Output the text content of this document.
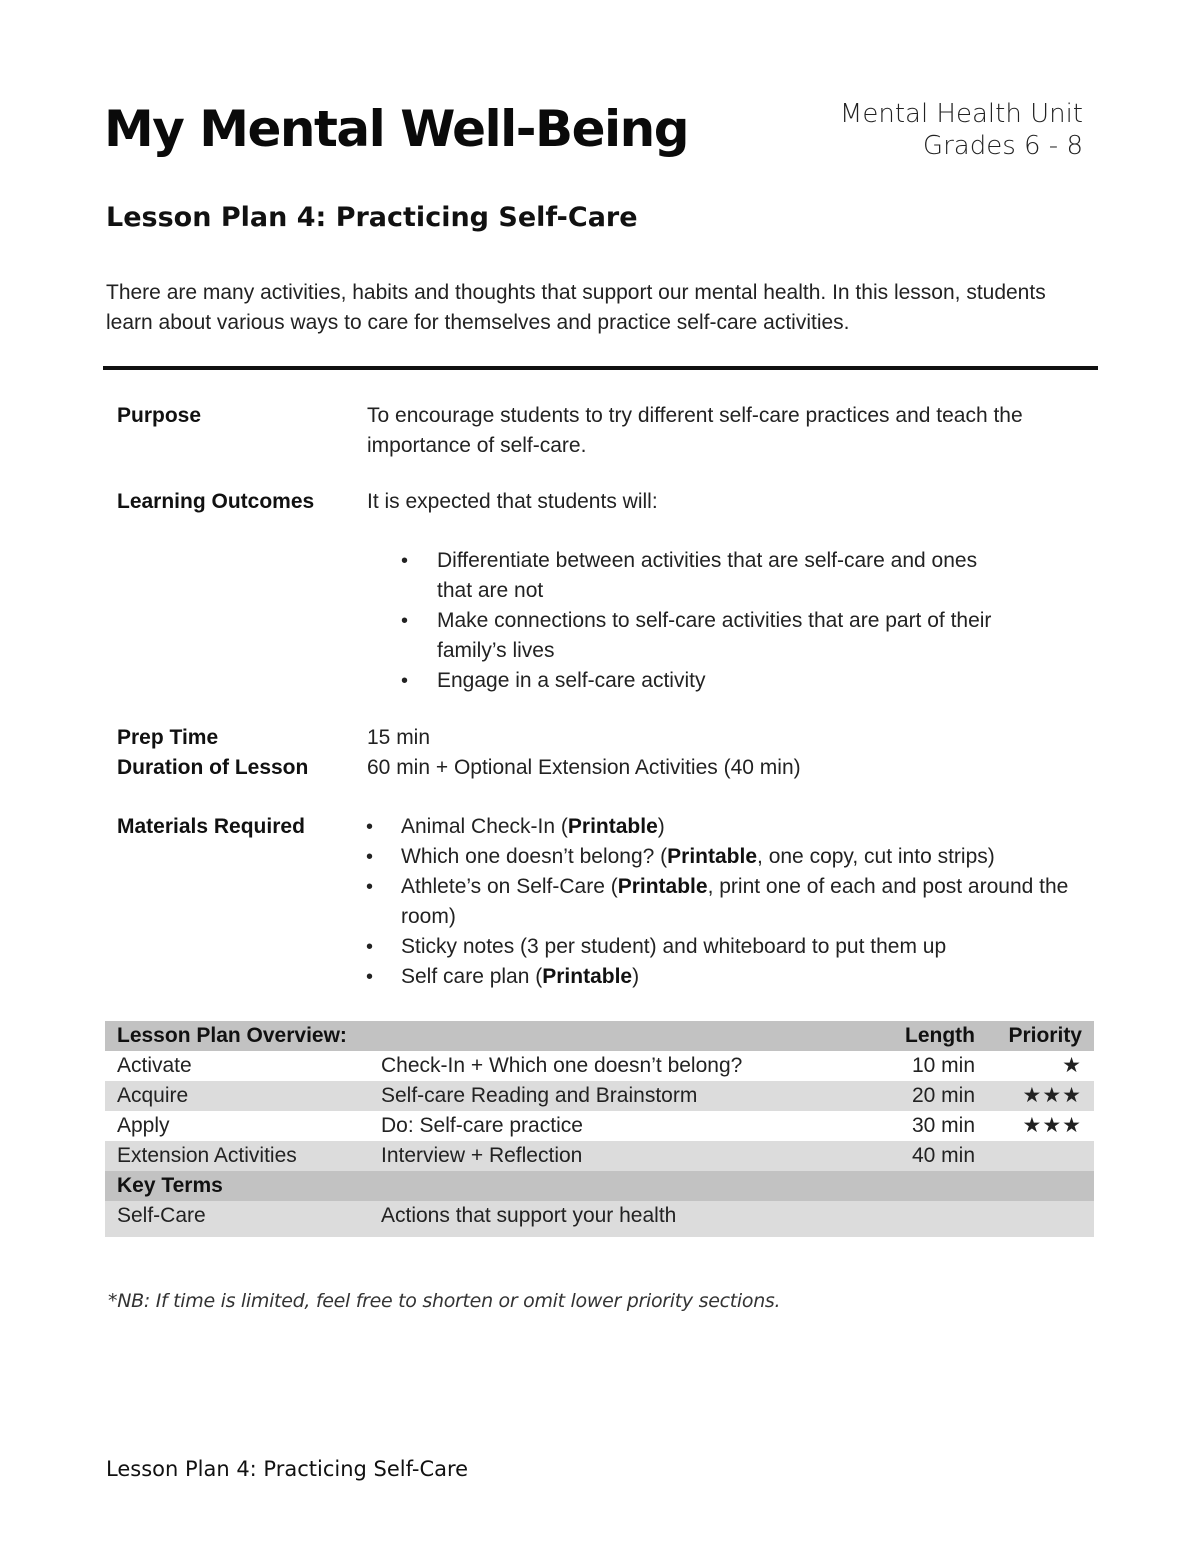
My Mental Well-Being	Mental Health Unit
Grades 6 - 8
Lesson Plan 4: Practicing Self-Care
There are many activities, habits and thoughts that support our mental health. In this lesson, students learn about various ways to care for themselves and practice self-care activities.
Purpose	To encourage students to try different self-care practices and teach the importance of self-care.
Learning Outcomes	It is expected that students will:
• Differentiate between activities that are self-care and ones that are not
• Make connections to self-care activities that are part of their family’s lives
• Engage in a self-care activity
Prep Time	15 min
Duration of Lesson	60 min + Optional Extension Activities (40 min)
Materials Required	• Animal Check-In (Printable)
• Which one doesn’t belong? (Printable, one copy, cut into strips)
• Athlete’s on Self-Care (Printable, print one of each and post around the room)
• Sticky notes (3 per student) and whiteboard to put them up
• Self care plan (Printable)
Lesson Plan Overview:		Length	Priority
Activate	Check-In + Which one doesn’t belong?	10 min	★
Acquire	Self-care Reading and Brainstorm	20 min	★★★
Apply	Do: Self-care practice	30 min	★★★
Extension Activities	Interview + Reflection	40 min	
Key Terms			
Self-Care	Actions that support your health		

*NB: If time is limited, feel free to shorten or omit lower priority sections.
Lesson Plan 4: Practicing Self-Care
